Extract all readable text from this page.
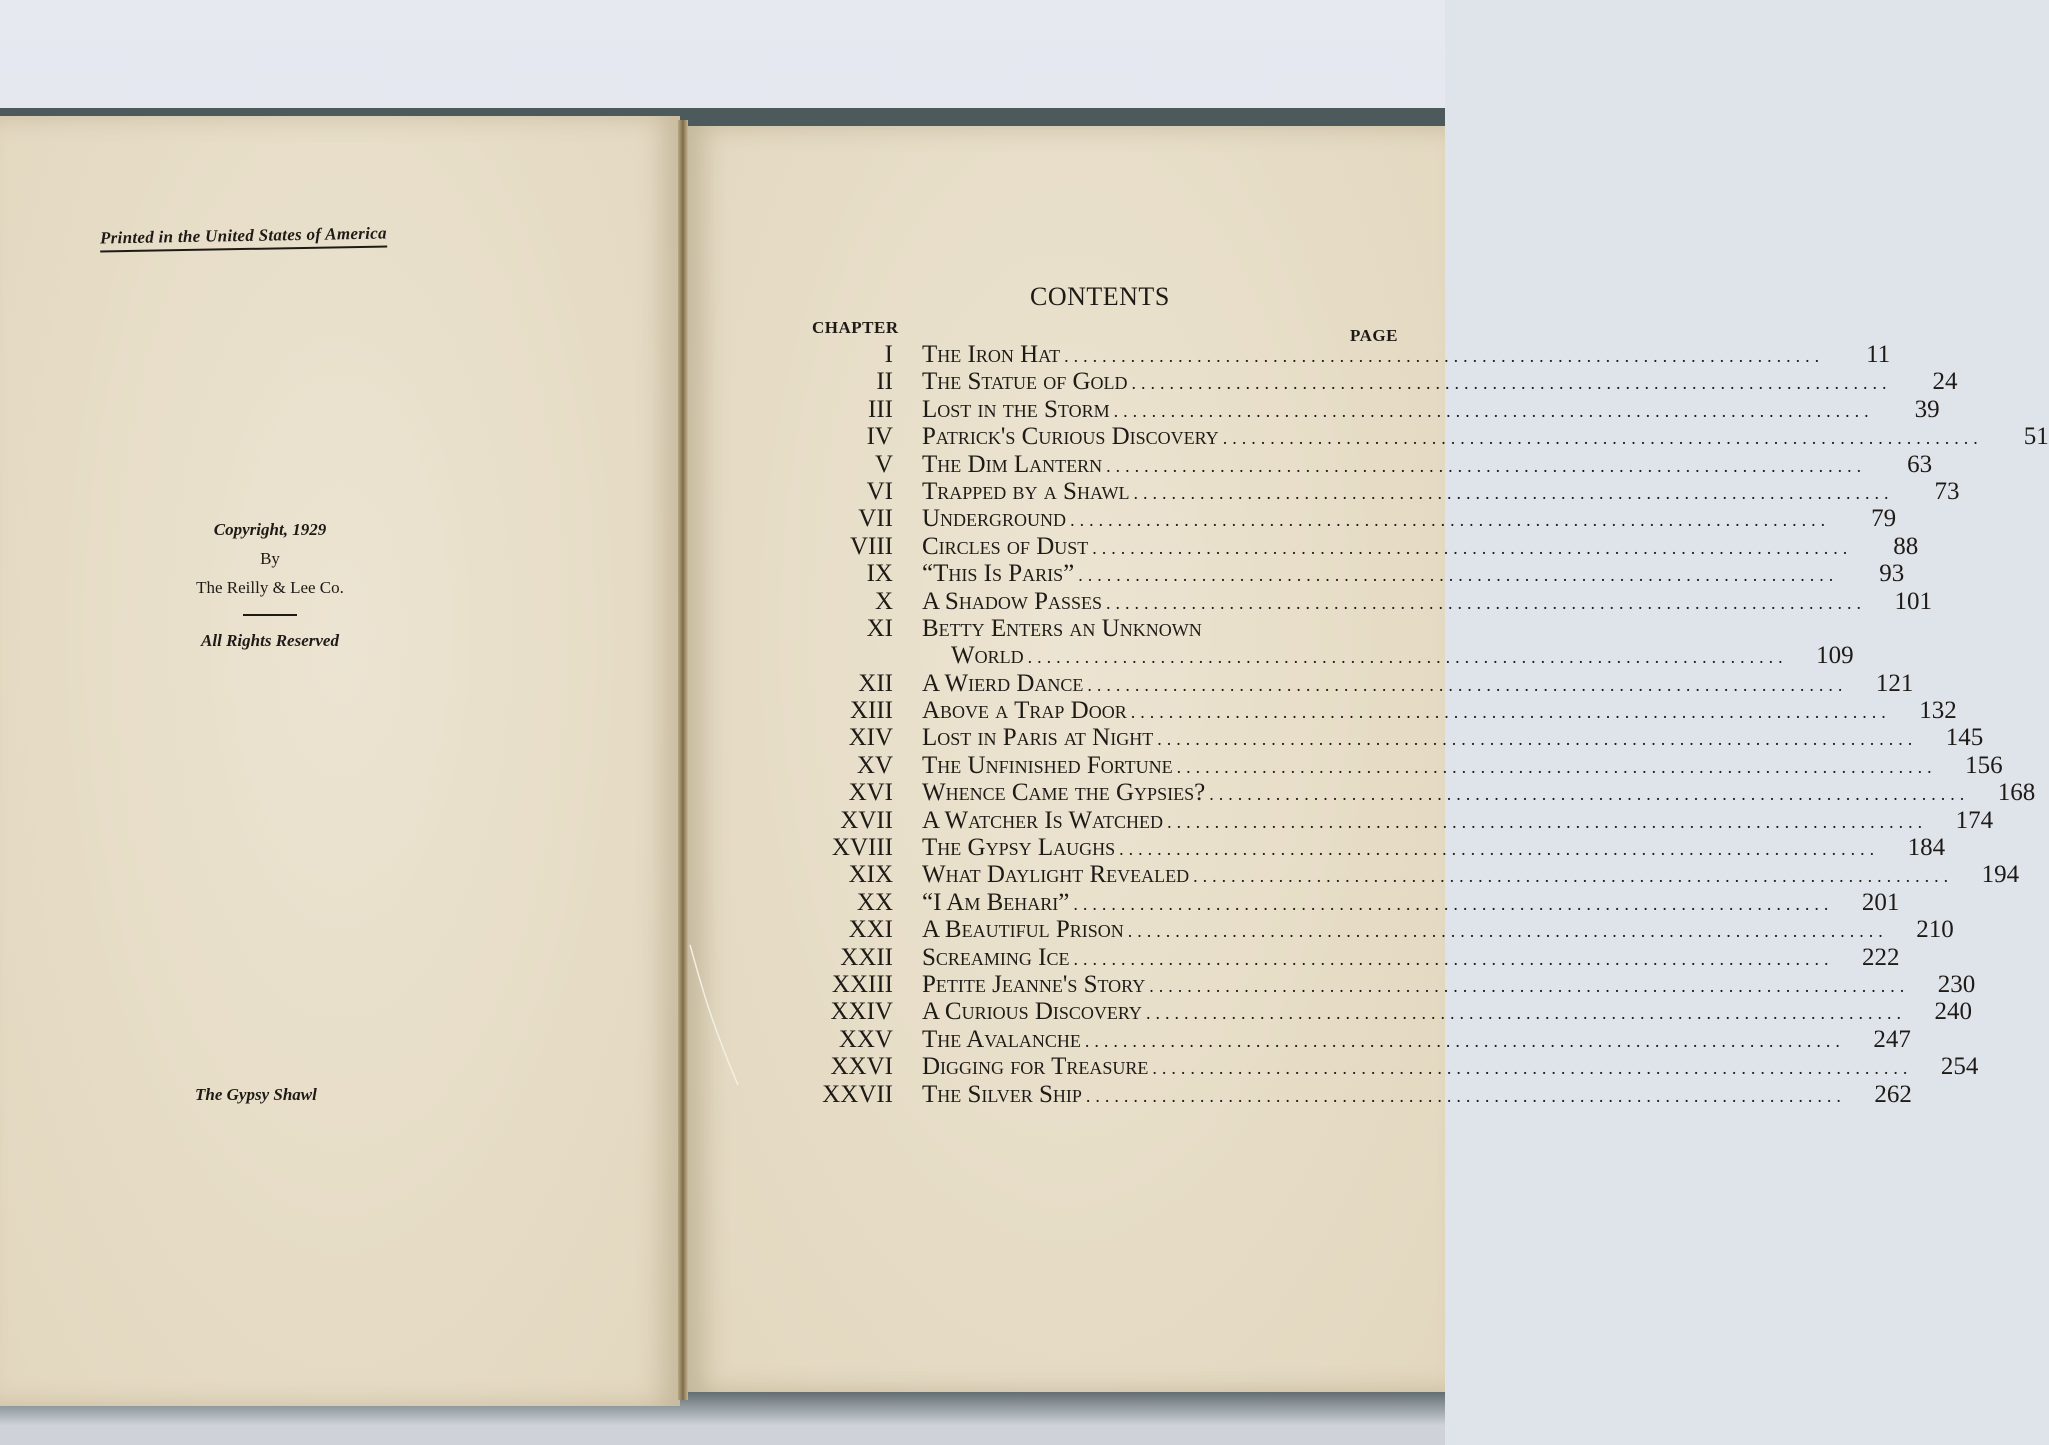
Printed in the United States of America
Copyright, 1929
By
The Reilly & Lee Co.
All Rights Reserved
The Gypsy Shawl
CONTENTS
CHAPTER	PAGE
I The Iron Hat ................................................................................	11
II The Statue of Gold ................................................................................	24
III Lost in the Storm ................................................................................	39
IV Patrick's Curious Discovery ................................................................................	51
V The Dim Lantern ................................................................................	63
VI Trapped by a Shawl ................................................................................	73
VII Underground ................................................................................	79
VIII Circles of Dust ................................................................................	88
IX “This Is Paris” ................................................................................	93
X A Shadow Passes ................................................................................	101
XI Betty Enters an Unknown
World ................................................................................	109
XII A Wierd Dance ................................................................................	121
XIII Above a Trap Door ................................................................................	132
XIV Lost in Paris at Night ................................................................................	145
XV The Unfinished Fortune ................................................................................	156
XVI Whence Came the Gypsies? ................................................................................	168
XVII A Watcher Is Watched ................................................................................	174
XVIII The Gypsy Laughs ................................................................................	184
XIX What Daylight Revealed ................................................................................	194
XX “I Am Behari” ................................................................................	201
XXI A Beautiful Prison ................................................................................	210
XXII Screaming Ice ................................................................................	222
XXIII Petite Jeanne's Story ................................................................................	230
XXIV A Curious Discovery ................................................................................	240
XXV The Avalanche ................................................................................	247
XXVI Digging for Treasure ................................................................................	254
XXVII The Silver Ship ................................................................................	262
